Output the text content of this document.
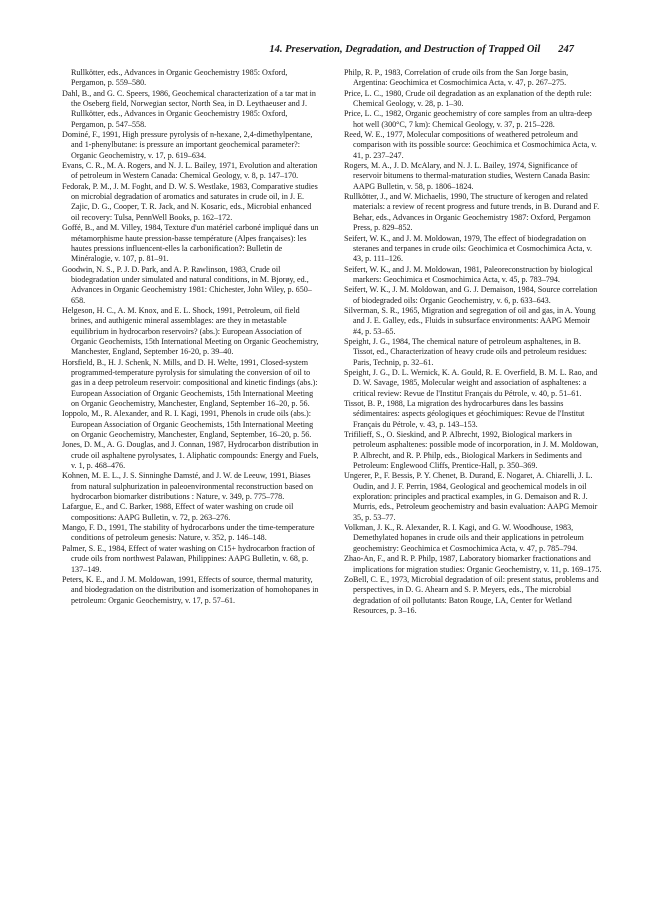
14. Preservation, Degradation, and Destruction of Trapped Oil 247

Rullkötter, eds., Advances in Organic Geochemistry 1985: Oxford, Pergamon, p. 559–580.

Dahl, B., and G. C. Speers, 1986, Geochemical characterization of a tar mat in the Oseberg field, Norwegian sector, North Sea, in D. Leythaeuser and J. Rullkötter, eds., Advances in Organic Geochemistry 1985: Oxford, Pergamon, p. 547–558.

Dominé, F., 1991, High pressure pyrolysis of n-hexane, 2,4-dimethylpentane, and 1-phenylbutane: is pressure an important geochemical parameter?: Organic Geochemistry, v. 17, p. 619–634.

Evans, C. R., M. A. Rogers, and N. J. L. Bailey, 1971, Evolution and alteration of petroleum in Western Canada: Chemical Geology, v. 8, p. 147–170.

Fedorak, P. M., J. M. Foght, and D. W. S. Westlake, 1983, Comparative studies on microbial degradation of aromatics and saturates in crude oil, in J. E. Zajic, D. G., Cooper, T. R. Jack, and N. Kosaric, eds., Microbial enhanced oil recovery: Tulsa, PennWell Books, p. 162–172.

Goffé, B., and M. Villey, 1984, Texture d'un matériel carboné impliqué dans un métamorphisme haute pression-basse température (Alpes françaises): les hautes pressions influencent-elles la carbonification?: Bulletin de Minéralogie, v. 107, p. 81–91.

Goodwin, N. S., P. J. D. Park, and A. P. Rawlinson, 1983, Crude oil biodegradation under simulated and natural conditions, in M. Bjorøy, ed., Advances in Organic Geochemistry 1981: Chichester, John Wiley, p. 650–658.

Helgeson, H. C., A. M. Knox, and E. L. Shock, 1991, Petroleum, oil field brines, and authigenic mineral assemblages: are they in metastable equilibrium in hydrocarbon reservoirs? (abs.): European Association of Organic Geochemists, 15th International Meeting on Organic Geochemistry, Manchester, England, September 16-20, p. 39–40.

Horsfield, B., H. J. Schenk, N. Mills, and D. H. Welte, 1991, Closed-system programmed-temperature pyrolysis for simulating the conversion of oil to gas in a deep petroleum reservoir: compositional and kinetic findings (abs.): European Association of Organic Geochemists, 15th International Meeting on Organic Geochemistry, Manchester, England, September 16–20, p. 56.

Ioppolo, M., R. Alexander, and R. I. Kagi, 1991, Phenols in crude oils (abs.): European Association of Organic Geochemists, 15th International Meeting on Organic Geochemistry, Manchester, England, September, 16–20, p. 56.

Jones, D. M., A. G. Douglas, and J. Connan, 1987, Hydrocarbon distribution in crude oil asphaltene pyrolysates, 1. Aliphatic compounds: Energy and Fuels, v. 1, p. 468–476.

Kohnen, M. E. L., J. S. Sinninghe Damsté, and J. W. de Leeuw, 1991, Biases from natural sulphurization in paleoenvironmental reconstruction based on hydrocarbon biomarker distributions : Nature, v. 349, p. 775–778.

Lafargue, E., and C. Barker, 1988, Effect of water washing on crude oil compositions: AAPG Bulletin, v. 72, p. 263–276.

Mango, F. D., 1991, The stability of hydrocarbons under the time-temperature conditions of petroleum genesis: Nature, v. 352, p. 146–148.

Palmer, S. E., 1984, Effect of water washing on C15+ hydrocarbon fraction of crude oils from northwest Palawan, Philippines: AAPG Bulletin, v. 68, p. 137–149.

Peters, K. E., and J. M. Moldowan, 1991, Effects of source, thermal maturity, and biodegradation on the distribution and isomerization of homohopanes in petroleum: Organic Geochemistry, v. 17, p. 57–61.

Philp, R. P., 1983, Correlation of crude oils from the San Jorge basin, Argentina: Geochimica et Cosmochimica Acta, v. 47, p. 267–275.

Price, L. C., 1980, Crude oil degradation as an explanation of the depth rule: Chemical Geology, v. 28, p. 1–30.

Price, L. C., 1982, Organic geochemistry of core samples from an ultra-deep hot well (300°C, 7 km): Chemical Geology, v. 37, p. 215–228.

Reed, W. E., 1977, Molecular compositions of weathered petroleum and comparison with its possible source: Geochimica et Cosmochimica Acta, v. 41, p. 237–247.

Rogers, M. A., J. D. McAlary, and N. J. L. Bailey, 1974, Significance of reservoir bitumens to thermal-maturation studies, Western Canada Basin: AAPG Bulletin, v. 58, p. 1806–1824.

Rullkötter, J., and W. Michaelis, 1990, The structure of kerogen and related materials: a review of recent progress and future trends, in B. Durand and F. Behar, eds., Advances in Organic Geochemistry 1987: Oxford, Pergamon Press, p. 829–852.

Seifert, W. K., and J. M. Moldowan, 1979, The effect of biodegradation on steranes and terpanes in crude oils: Geochimica et Cosmochimica Acta, v. 43, p. 111–126.

Seifert, W. K., and J. M. Moldowan, 1981, Paleoreconstruction by biological markers: Geochimica et Cosmochimica Acta, v. 45, p. 783–794.

Seifert, W. K., J. M. Moldowan, and G. J. Demaison, 1984, Source correlation of biodegraded oils: Organic Geochemistry, v. 6, p. 633–643.

Silverman, S. R., 1965, Migration and segregation of oil and gas, in A. Young and J. E. Galley, eds., Fluids in subsurface environments: AAPG Memoir #4, p. 53–65.

Speight, J. G., 1984, The chemical nature of petroleum asphaltenes, in B. Tissot, ed., Characterization of heavy crude oils and petroleum residues: Paris, Technip, p. 32–61.

Speight, J. G., D. L. Wernick, K. A. Gould, R. E. Overfield, B. M. L. Rao, and D. W. Savage, 1985, Molecular weight and association of asphaltenes: a critical review: Revue de l'Institut Français du Pétrole, v. 40, p. 51–61.

Tissot, B. P., 1988, La migration des hydrocarbures dans les bassins sédimentaires: aspects géologiques et géochimiques: Revue de l'Institut Français du Pétrole, v. 43, p. 143–153.

Trifilieff, S., O. Sieskind, and P. Albrecht, 1992, Biological markers in petroleum asphaltenes: possible mode of incorporation, in J. M. Moldowan, P. Albrecht, and R. P. Philp, eds., Biological Markers in Sediments and Petroleum: Englewood Cliffs, Prentice-Hall, p. 350–369.

Ungerer, P., F. Bessis, P. Y. Chenet, B. Durand, E. Nogaret, A. Chiarelli, J. L. Oudin, and J. F. Perrin, 1984, Geological and geochemical models in oil exploration: principles and practical examples, in G. Demaison and R. J. Murris, eds., Petroleum geochemistry and basin evaluation: AAPG Memoir 35, p. 53–77.

Volkman, J. K., R. Alexander, R. I. Kagi, and G. W. Woodhouse, 1983, Demethylated hopanes in crude oils and their applications in petroleum geochemistry: Geochimica et Cosmochimica Acta, v. 47, p. 785–794.

Zhao-An, F., and R. P. Philp, 1987, Laboratory biomarker fractionations and implications for migration studies: Organic Geochemistry, v. 11, p. 169–175.

ZoBell, C. E., 1973, Microbial degradation of oil: present status, problems and perspectives, in D. G. Ahearn and S. P. Meyers, eds., The microbial degradation of oil pollutants: Baton Rouge, LA, Center for Wetland Resources, p. 3–16.
